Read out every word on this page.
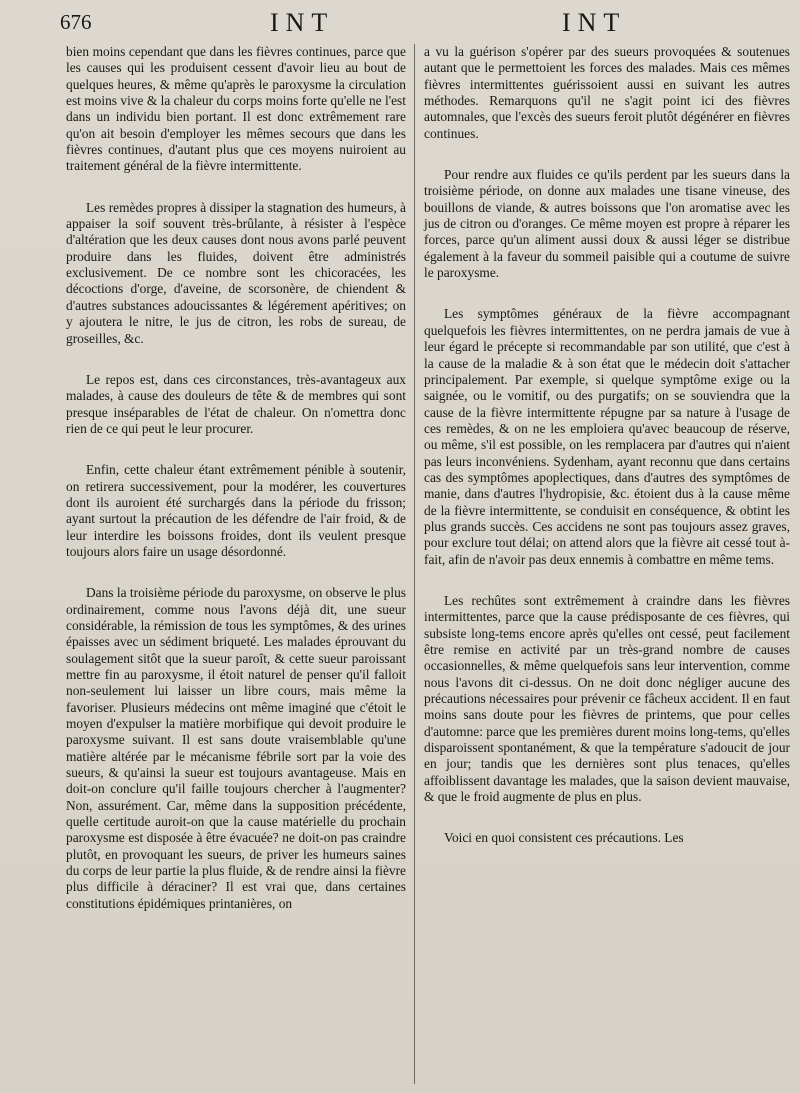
676	INT	INT

bien moins cependant que dans les fièvres continues, parce que les causes qui les produisent cessent d'avoir lieu au bout de quelques heures, & même qu'après le paroxysme la circulation est moins vive & la chaleur du corps moins forte qu'elle ne l'est dans un individu bien portant. Il est donc extrêmement rare qu'on ait besoin d'employer les mêmes secours que dans les fièvres continues, d'autant plus que ces moyens nuiroient au traitement général de la fièvre intermittente.

Les remèdes propres à dissiper la stagnation des humeurs, à appaiser la soif souvent très-brûlante, à résister à l'espèce d'altération que les deux causes dont nous avons parlé peuvent produire dans les fluides, doivent être administrés exclusivement. De ce nombre sont les chicoracées, les décoctions d'orge, d'aveine, de scorsonère, de chiendent & d'autres substances adoucissantes & légérement apéritives; on y ajoutera le nitre, le jus de citron, les robs de sureau, de groseilles, &c.

Le repos est, dans ces circonstances, très-avantageux aux malades, à cause des douleurs de tête & de membres qui sont presque inséparables de l'état de chaleur. On n'omettra donc rien de ce qui peut le leur procurer.

Enfin, cette chaleur étant extrêmement pénible à soutenir, on retirera successivement, pour la modérer, les couvertures dont ils auroient été surchargés dans la période du frisson; ayant surtout la précaution de les défendre de l'air froid, & de leur interdire les boissons froides, dont ils veulent presque toujours alors faire un usage désordonné.

Dans la troisième période du paroxysme, on observe le plus ordinairement, comme nous l'avons déjà dit, une sueur considérable, la rémission de tous les symptômes, & des urines épaisses avec un sédiment briqueté. Les malades éprouvant du soulagement sitôt que la sueur paroît, & cette sueur paroissant mettre fin au paroxysme, il étoit naturel de penser qu'il falloit non-seulement lui laisser un libre cours, mais même la favoriser. Plusieurs médecins ont même imaginé que c'étoit le moyen d'expulser la matière morbifique qui devoit produire le paroxysme suivant. Il est sans doute vraisemblable qu'une matière altérée par le mécanisme fébrile sort par la voie des sueurs, & qu'ainsi la sueur est toujours avantageuse. Mais en doit-on conclure qu'il faille toujours chercher à l'augmenter? Non, assurément. Car, même dans la supposition précédente, quelle certitude auroit-on que la cause matérielle du prochain paroxysme est disposée à être évacuée? ne doit-on pas craindre plutôt, en provoquant les sueurs, de priver les humeurs saines du corps de leur partie la plus fluide, & de rendre ainsi la fièvre plus difficile à déraciner? Il est vrai que, dans certaines constitutions épidémiques printanières, on

a vu la guérison s'opérer par des sueurs provoquées & soutenues autant que le permettoient les forces des malades. Mais ces mêmes fièvres intermittentes guérissoient aussi en suivant les autres méthodes. Remarquons qu'il ne s'agit point ici des fièvres automnales, que l'excès des sueurs feroit plutôt dégénérer en fièvres continues.

Pour rendre aux fluides ce qu'ils perdent par les sueurs dans la troisième période, on donne aux malades une tisane vineuse, des bouillons de viande, & autres boissons que l'on aromatise avec les jus de citron ou d'oranges. Ce même moyen est propre à réparer les forces, parce qu'un aliment aussi doux & aussi léger se distribue également à la faveur du sommeil paisible qui a coutume de suivre le paroxysme.

Les symptômes généraux de la fièvre accompagnant quelquefois les fièvres intermittentes, on ne perdra jamais de vue à leur égard le précepte si recommandable par son utilité, que c'est à la cause de la maladie & à son état que le médecin doit s'attacher principalement. Par exemple, si quelque symptôme exige ou la saignée, ou le vomitif, ou des purgatifs; on se souviendra que la cause de la fièvre intermittente répugne par sa nature à l'usage de ces remèdes, & on ne les emploiera qu'avec beaucoup de réserve, ou même, s'il est possible, on les remplacera par d'autres qui n'aient pas leurs inconvéniens. Sydenham, ayant reconnu que dans certains cas des symptômes apoplectiques, dans d'autres des symptômes de manie, dans d'autres l'hydropisie, &c. étoient dus à la cause même de la fièvre intermittente, se conduisit en conséquence, & obtint les plus grands succès. Ces accidens ne sont pas toujours assez graves, pour exclure tout délai; on attend alors que la fièvre ait cessé tout à-fait, afin de n'avoir pas deux ennemis à combattre en même tems.

Les rechûtes sont extrêmement à craindre dans les fièvres intermittentes, parce que la cause prédisposante de ces fièvres, qui subsiste long-tems encore après qu'elles ont cessé, peut facilement être remise en activité par un très-grand nombre de causes occasionnelles, & même quelquefois sans leur intervention, comme nous l'avons dit ci-dessus. On ne doit donc négliger aucune des précautions nécessaires pour prévenir ce fâcheux accident. Il en faut moins sans doute pour les fièvres de printems, que pour celles d'automne: parce que les premières durent moins long-tems, qu'elles disparoissent spontanément, & que la température s'adoucit de jour en jour; tandis que les dernières sont plus tenaces, qu'elles affoiblissent davantage les malades, que la saison devient mauvaise, & que le froid augmente de plus en plus.

Voici en quoi consistent ces précautions. Les
